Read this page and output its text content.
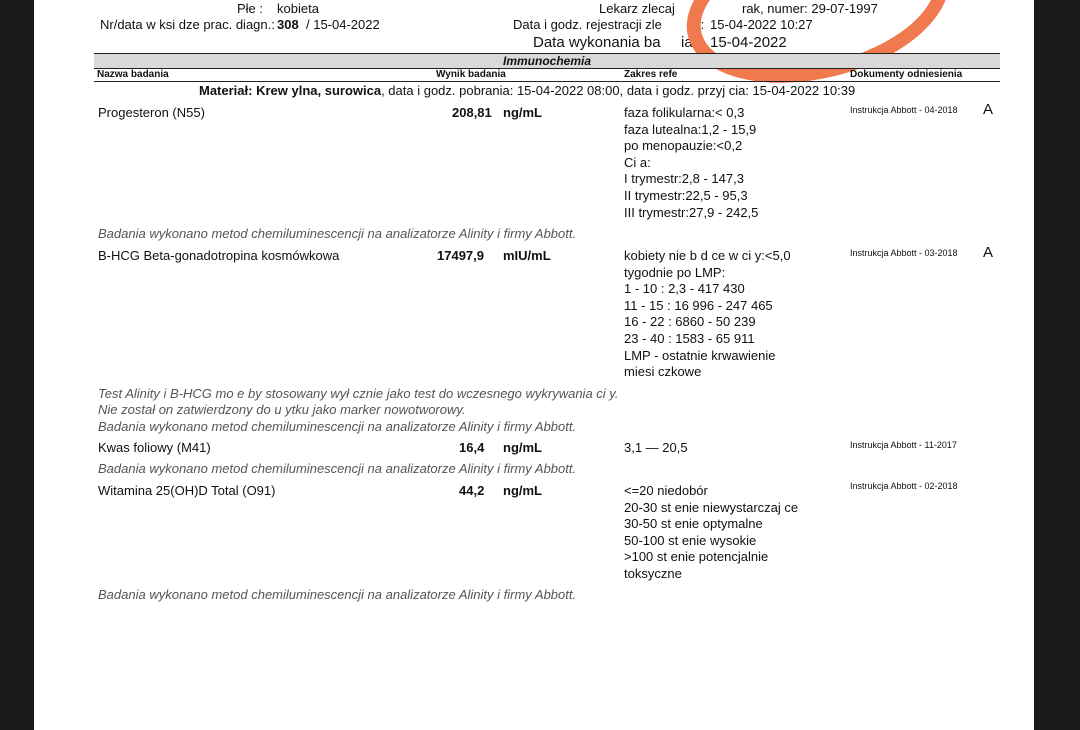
Płe : kobieta
Nr/data w ksi dze prac. diagn.: 308 / 15-04-2022
Lekarz zlecaj	rak, numer: 29-07-1997
Data i godz. rejestracji zle	.: 15-04-2022 10:27
Data wykonania ba ia: 15-04-2022
Immunochemia
Nazwa badania	Wynik badania	Zakres refe	Dokumenty odniesienia
Materiał: Krew ylna, surowica, data i godz. pobrania: 15-04-2022 08:00, data i godz. przyj cia: 15-04-2022 10:39
Progesteron (N55)	208,81 ng/mL	faza folikularna:< 0,3
faza lutealna:1,2 - 15,9
po menopauzie:<0,2
Ci a:
I trymestr:2,8 - 147,3
II trymestr:22,5 - 95,3
III trymestr:27,9 - 242,5
Instrukcja Abbott - 04-2018 A
Badania wykonano metod chemiluminescencji na analizatorze Alinity i firmy Abbott.
B-HCG Beta-gonadotropina kosmówkowa	17497,9 mIU/mL	kobiety nie b d ce w ci y:<5,0
tygodnie po LMP:
1 - 10 : 2,3 - 417 430
11 - 15 : 16 996 - 247 465
16 - 22 : 6860 - 50 239
23 - 40 : 1583 - 65 911
LMP - ostatnie krwawienie
miesi czkowe
Instrukcja Abbott - 03-2018 A
Test Alinity i B-HCG mo e by stosowany wył cznie jako test do wczesnego wykrywania ci y.
Nie został on zatwierdzony do u ytku jako marker nowotworowy.
Badania wykonano metod chemiluminescencji na analizatorze Alinity i firmy Abbott.
Kwas foliowy (M41)	16,4 ng/mL	3,1 — 20,5	Instrukcja Abbott - 11-2017
Badania wykonano metod chemiluminescencji na analizatorze Alinity i firmy Abbott.
Witamina 25(OH)D Total (O91)	44,2 ng/mL	<=20 niedobór
20-30 st enie niewystarczaj ce
30-50 st enie optymalne
50-100 st enie wysokie
>100 st enie potencjalnie
toksyczne
Instrukcja Abbott - 02-2018
Badania wykonano metod chemiluminescencji na analizatorze Alinity i firmy Abbott.
